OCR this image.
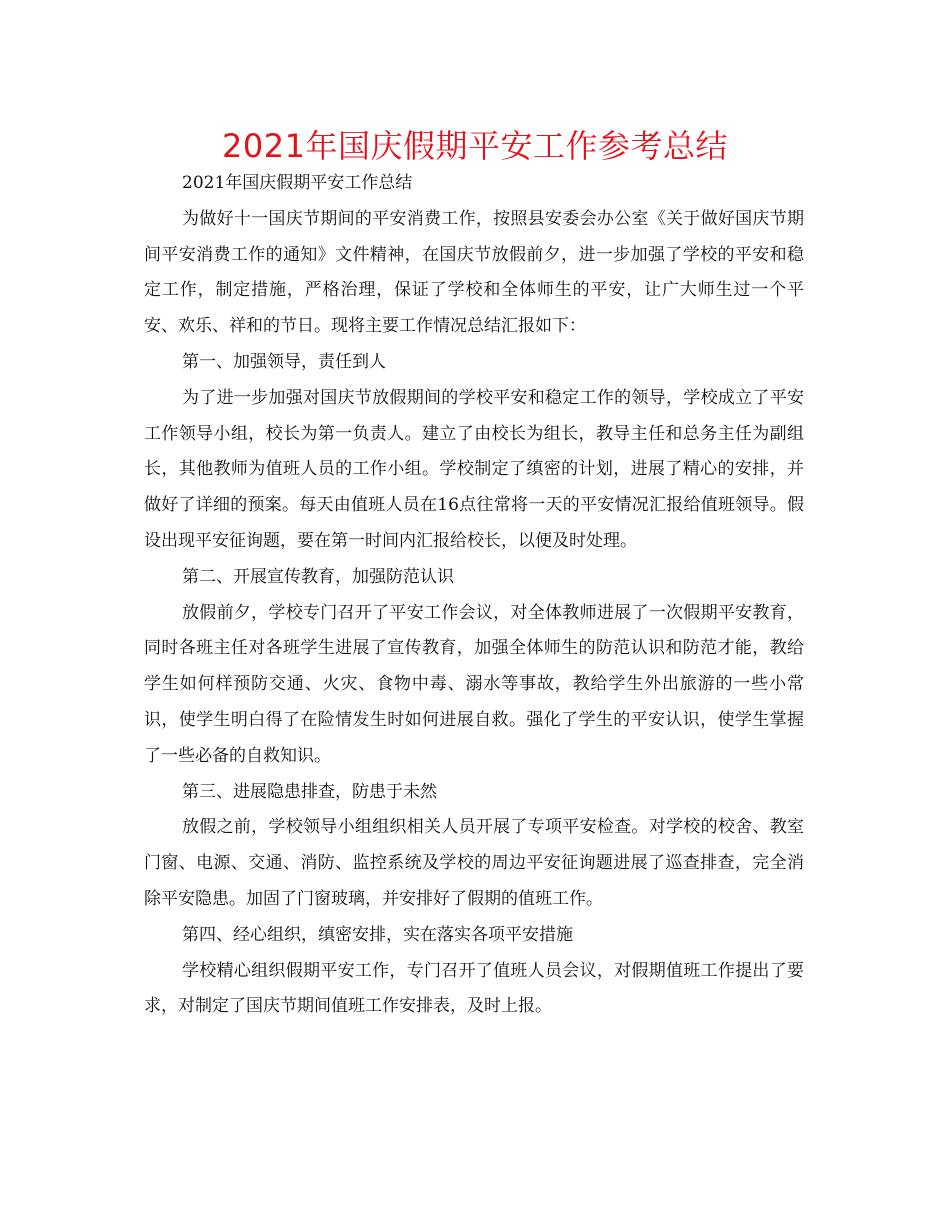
2021年国庆假期平安工作参考总结

2021年国庆假期平安工作总结

为做好十一国庆节期间的平安消费工作，按照县安委会办公室《关于做好国庆节期间平安消费工作的通知》文件精神，在国庆节放假前夕，进一步加强了学校的平安和稳定工作，制定措施，严格治理，保证了学校和全体师生的平安，让广大师生过一个平安、欢乐、祥和的节日。现将主要工作情况总结汇报如下：

第一、加强领导，责任到人

为了进一步加强对国庆节放假期间的学校平安和稳定工作的领导，学校成立了平安工作领导小组，校长为第一负责人。建立了由校长为组长，教导主任和总务主任为副组长，其他教师为值班人员的工作小组。学校制定了缜密的计划，进展了精心的安排，并做好了详细的预案。每天由值班人员在16点往常将一天的平安情况汇报给值班领导。假设出现平安征询题，要在第一时间内汇报给校长，以便及时处理。

第二、开展宣传教育，加强防范认识

放假前夕，学校专门召开了平安工作会议，对全体教师进展了一次假期平安教育，同时各班主任对各班学生进展了宣传教育，加强全体师生的防范认识和防范才能，教给学生如何样预防交通、火灾、食物中毒、溺水等事故，教给学生外出旅游的一些小常识，使学生明白得了在险情发生时如何进展自救。强化了学生的平安认识，使学生掌握了一些必备的自救知识。

第三、进展隐患排查，防患于未然

放假之前，学校领导小组组织相关人员开展了专项平安检查。对学校的校舍、教室门窗、电源、交通、消防、监控系统及学校的周边平安征询题进展了巡查排查，完全消除平安隐患。加固了门窗玻璃，并安排好了假期的值班工作。

第四、经心组织，缜密安排，实在落实各项平安措施

学校精心组织假期平安工作，专门召开了值班人员会议，对假期值班工作提出了要求，对制定了国庆节期间值班工作安排表，及时上报。
